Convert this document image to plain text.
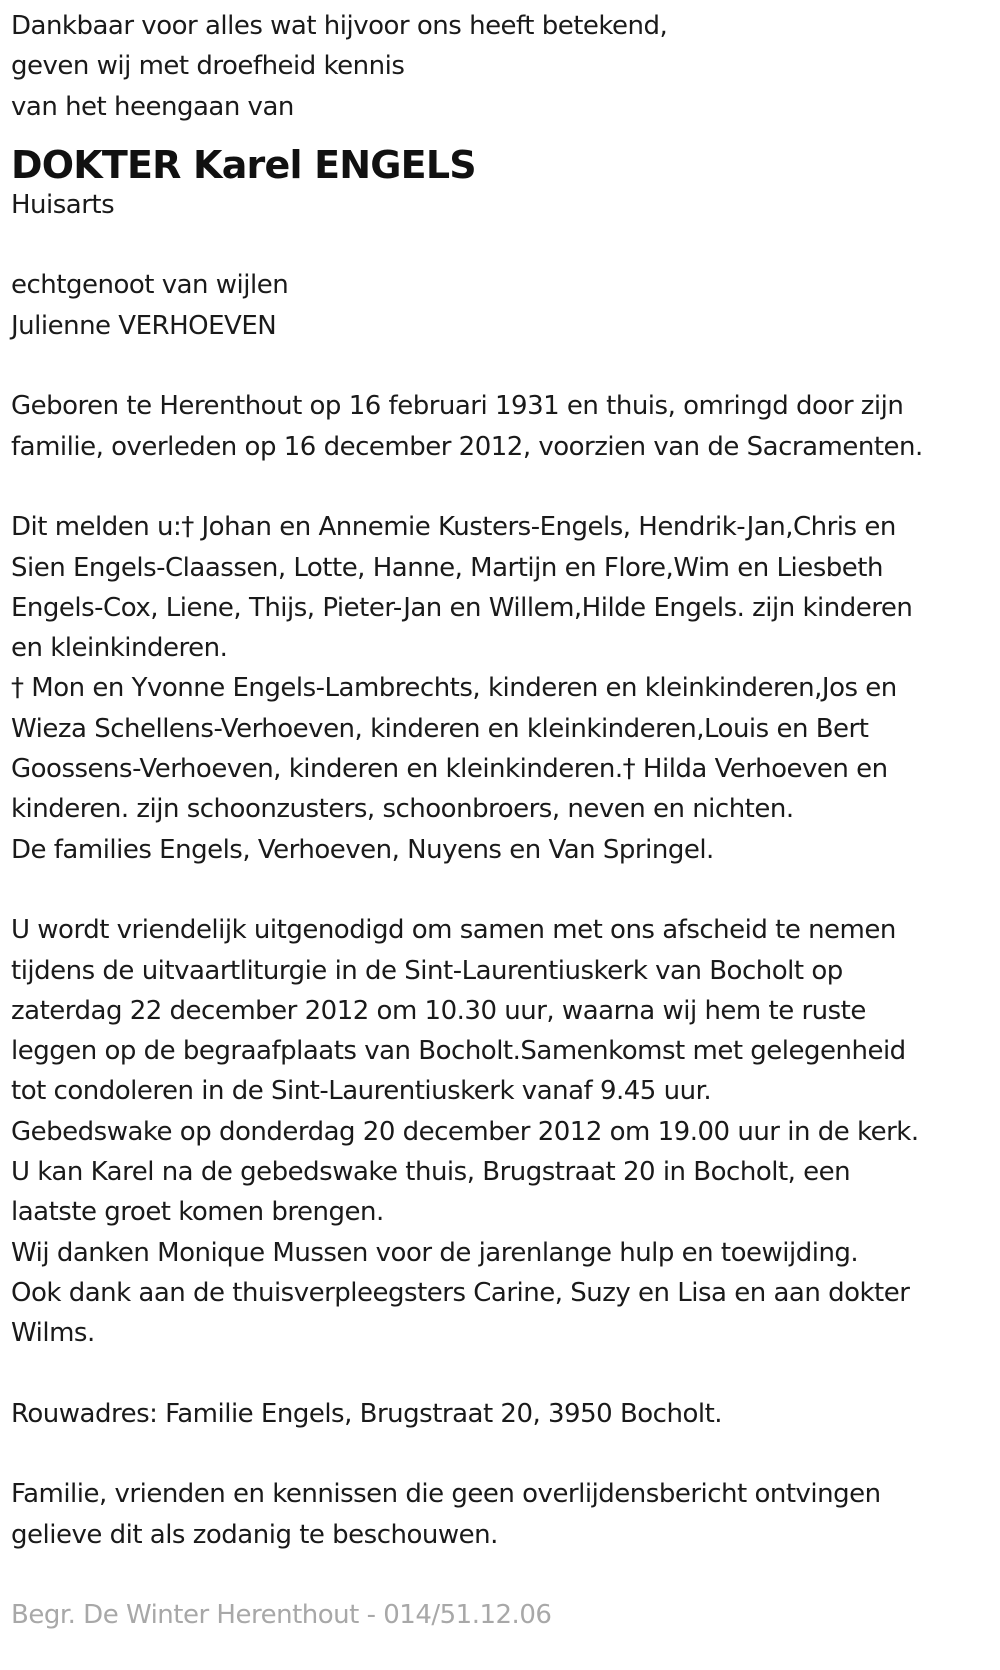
Dankbaar voor alles wat hijvoor ons heeft betekend,
geven wij met droefheid kennis
van het heengaan van
DOKTER Karel ENGELS
Huisarts
echtgenoot van wijlen
Julienne VERHOEVEN
Geboren te Herenthout op 16 februari 1931 en thuis, omringd door zijn
familie, overleden op 16 december 2012, voorzien van de Sacramenten.
Dit melden u:† Johan en Annemie Kusters-Engels, Hendrik-Jan,Chris en
Sien Engels-Claassen, Lotte, Hanne, Martijn en Flore,Wim en Liesbeth
Engels-Cox, Liene, Thijs, Pieter-Jan en Willem,Hilde Engels. zijn kinderen
en kleinkinderen.
† Mon en Yvonne Engels-Lambrechts, kinderen en kleinkinderen,Jos en
Wieza Schellens-Verhoeven, kinderen en kleinkinderen,Louis en Bert
Goossens-Verhoeven, kinderen en kleinkinderen.† Hilda Verhoeven en
kinderen. zijn schoonzusters, schoonbroers, neven en nichten.
De families Engels, Verhoeven, Nuyens en Van Springel.
U wordt vriendelijk uitgenodigd om samen met ons afscheid te nemen
tijdens de uitvaartliturgie in de Sint-Laurentiuskerk van Bocholt op
zaterdag 22 december 2012 om 10.30 uur, waarna wij hem te ruste
leggen op de begraafplaats van Bocholt.Samenkomst met gelegenheid
tot condoleren in de Sint-Laurentiuskerk vanaf 9.45 uur.
Gebedswake op donderdag 20 december 2012 om 19.00 uur in de kerk.
U kan Karel na de gebedswake thuis, Brugstraat 20 in Bocholt, een
laatste groet komen brengen.
Wij danken Monique Mussen voor de jarenlange hulp en toewijding.
Ook dank aan de thuisverpleegsters Carine, Suzy en Lisa en aan dokter
Wilms.
Rouwadres: Familie Engels, Brugstraat 20, 3950 Bocholt.
Familie, vrienden en kennissen die geen overlijdensbericht ontvingen
gelieve dit als zodanig te beschouwen.
Begr. De Winter Herenthout - 014/51.12.06
